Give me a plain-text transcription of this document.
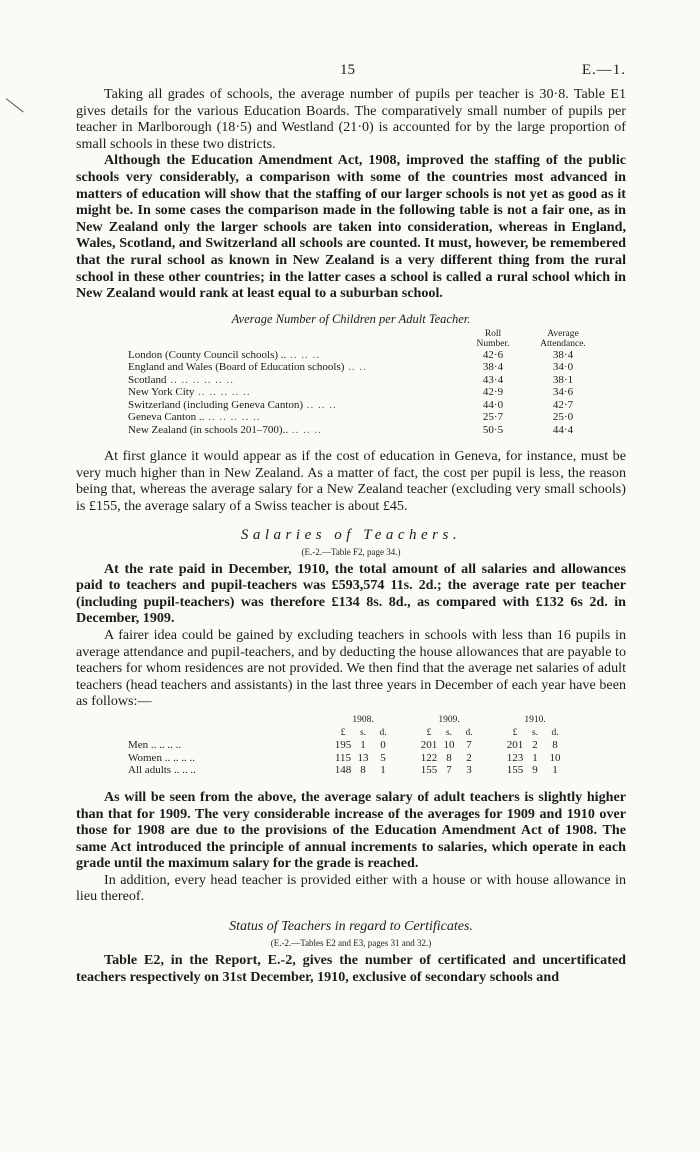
15	E.—1.

Taking all grades of schools, the average number of pupils per teacher is 30·8. Table E1 gives details for the various Education Boards. The comparatively small number of pupils per teacher in Marlborough (18·5) and Westland (21·0) is accounted for by the large proportion of small schools in these two districts.

Although the Education Amendment Act, 1908, improved the staffing of the public schools very considerably, a comparison with some of the countries most advanced in matters of education will show that the staffing of our larger schools is not yet as good as it might be. In some cases the comparison made in the following table is not a fair one, as in New Zealand only the larger schools are taken into consideration, whereas in England, Wales, Scotland, and Switzerland all schools are counted. It must, however, be remembered that the rural school as known in New Zealand is a very different thing from the rural school in these other countries; in the latter cases a school is called a rural school which in New Zealand would rank at least equal to a suburban school.

Average Number of Children per Adult Teacher.
	Roll
Number.	Average
Attendance.
London (County Council schools) .. .. .. ..	42·6	38·4
England and Wales (Board of Education schools) .. ..	38·4	34·0
Scotland .. .. .. .. .. ..	43·4	38·1
New York City .. .. .. .. ..	42·9	34·6
Switzerland (including Geneva Canton) .. .. ..	44·0	42·7
Geneva Canton .. .. .. .. .. ..	25·7	25·0
New Zealand (in schools 201–700).. .. .. ..	50·5	44·4

At first glance it would appear as if the cost of education in Geneva, for instance, must be very much higher than in New Zealand. As a matter of fact, the cost per pupil is less, the reason being that, whereas the average salary for a New Zealand teacher (excluding very small schools) is £155, the average salary of a Swiss teacher is about £45.

Salaries of Teachers.
(E.-2.—Table F2, page 34.)

At the rate paid in December, 1910, the total amount of all salaries and allowances paid to teachers and pupil-teachers was £593,574 11s. 2d.; the average rate per teacher (including pupil-teachers) was therefore £134 8s. 8d., as compared with £132 6s 2d. in December, 1909.

A fairer idea could be gained by excluding teachers in schools with less than 16 pupils in average attendance and pupil-teachers, and by deducting the house allowances that are payable to teachers for whom residences are not provided. We then find that the average net salaries of adult teachers (head teachers and assistants) in the last three years in December of each year have been as follows:—

	1908.				1909.				1910.		
	£	s.	d.		£	s.	d.		£	s.	d.
Men .. .. .. ..	195	1	0		201	10	7		201	2	8
Women .. .. .. ..	115	13	5		122	8	2		123	1	10
All adults .. .. ..	148	8	1		155	7	3		155	9	1

As will be seen from the above, the average salary of adult teachers is slightly higher than that for 1909. The very considerable increase of the averages for 1909 and 1910 over those for 1908 are due to the provisions of the Education Amendment Act of 1908. The same Act introduced the principle of annual increments to salaries, which operate in each grade until the maximum salary for the grade is reached.

In addition, every head teacher is provided either with a house or with house allowance in lieu thereof.

Status of Teachers in regard to Certificates.
(E.-2.—Tables E2 and E3, pages 31 and 32.)

Table E2, in the Report, E.-2, gives the number of certificated and uncertificated teachers respectively on 31st December, 1910, exclusive of secondary schools and
